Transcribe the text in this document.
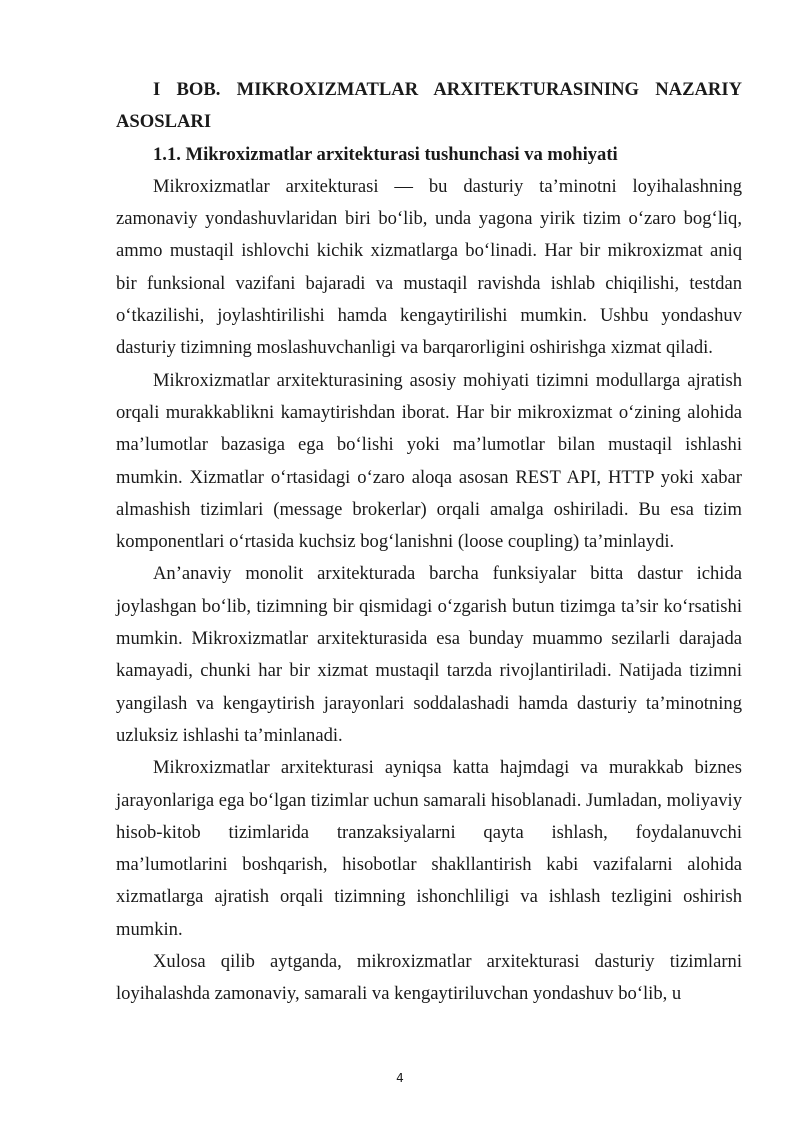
I BOB. MIKROXIZMATLAR ARXITEKTURASINING NAZARIY ASOSLARI

1.1. Mikroxizmatlar arxitekturasi tushunchasi va mohiyati

Mikroxizmatlar arxitekturasi — bu dasturiy ta’minotni loyihalashning zamonaviy yondashuvlaridan biri bo‘lib, unda yagona yirik tizim o‘zaro bog‘liq, ammo mustaqil ishlovchi kichik xizmatlarga bo‘linadi. Har bir mikroxizmat aniq bir funksional vazifani bajaradi va mustaqil ravishda ishlab chiqilishi, testdan o‘tkazilishi, joylashtirilishi hamda kengaytirilishi mumkin. Ushbu yondashuv dasturiy tizimning moslashuvchanligi va barqarorligini oshirishga xizmat qiladi.

Mikroxizmatlar arxitekturasining asosiy mohiyati tizimni modullarga ajratish orqali murakkablikni kamaytirishdan iborat. Har bir mikroxizmat o‘zining alohida ma’lumotlar bazasiga ega bo‘lishi yoki ma’lumotlar bilan mustaqil ishlashi mumkin. Xizmatlar o‘rtasidagi o‘zaro aloqa asosan REST API, HTTP yoki xabar almashish tizimlari (message brokerlar) orqali amalga oshiriladi. Bu esa tizim komponentlari o‘rtasida kuchsiz bog‘lanishni (loose coupling) ta’minlaydi.

An’anaviy monolit arxitekturada barcha funksiyalar bitta dastur ichida joylashgan bo‘lib, tizimning bir qismidagi o‘zgarish butun tizimga ta’sir ko‘rsatishi mumkin. Mikroxizmatlar arxitekturasida esa bunday muammo sezilarli darajada kamayadi, chunki har bir xizmat mustaqil tarzda rivojlantiriladi. Natijada tizimni yangilash va kengaytirish jarayonlari soddalashadi hamda dasturiy ta’minotning uzluksiz ishlashi ta’minlanadi.

Mikroxizmatlar arxitekturasi ayniqsa katta hajmdagi va murakkab biznes jarayonlariga ega bo‘lgan tizimlar uchun samarali hisoblanadi. Jumladan, moliyaviy hisob-kitob tizimlarida tranzaksiyalarni qayta ishlash, foydalanuvchi ma’lumotlarini boshqarish, hisobotlar shakllantirish kabi vazifalarni alohida xizmatlarga ajratish orqali tizimning ishonchliligi va ishlash tezligini oshirish mumkin.

Xulosa qilib aytganda, mikroxizmatlar arxitekturasi dasturiy tizimlarni loyihalashda zamonaviy, samarali va kengaytiriluvchan yondashuv bo‘lib, u

4
